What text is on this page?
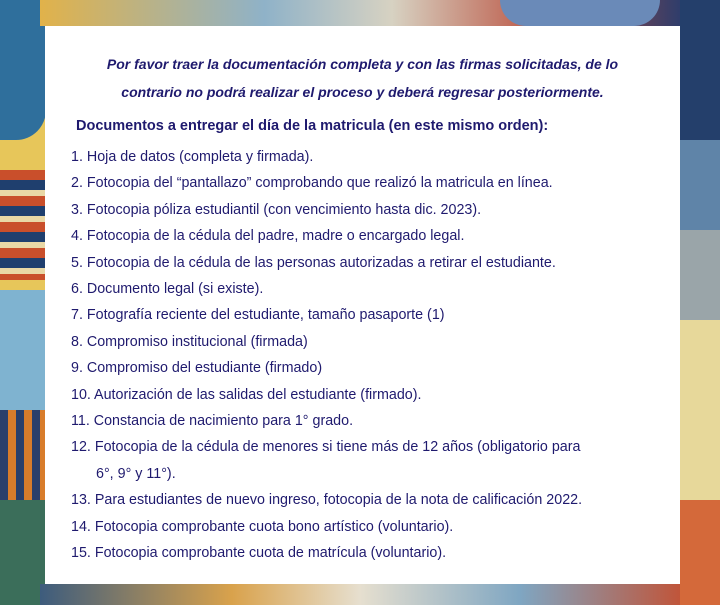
Por favor traer la documentación completa y con las firmas solicitadas, de lo
contrario no podrá realizar el proceso y deberá regresar posteriormente.
Documentos a entregar el día de la matricula (en este mismo orden):
1. Hoja de datos (completa y firmada).
2. Fotocopia del “pantallazo” comprobando que realizó la matricula en línea.
3. Fotocopia póliza estudiantil (con vencimiento hasta dic. 2023).
4. Fotocopia de la cédula del padre, madre o encargado legal.
5. Fotocopia de la cédula de las personas autorizadas a retirar el estudiante.
6. Documento legal (si existe).
7. Fotografía reciente del estudiante, tamaño pasaporte (1)
8. Compromiso institucional (firmada)
9. Compromiso del estudiante (firmado)
10. Autorización de las salidas del estudiante (firmado).
11. Constancia de nacimiento para 1° grado.
12. Fotocopia de la cédula de menores si tiene más de 12 años (obligatorio para
6°, 9° y 11°).
13. Para estudiantes de nuevo ingreso, fotocopia de la nota de calificación 2022.
14. Fotocopia comprobante cuota bono artístico (voluntario).
15. Fotocopia comprobante cuota de matrícula (voluntario).
